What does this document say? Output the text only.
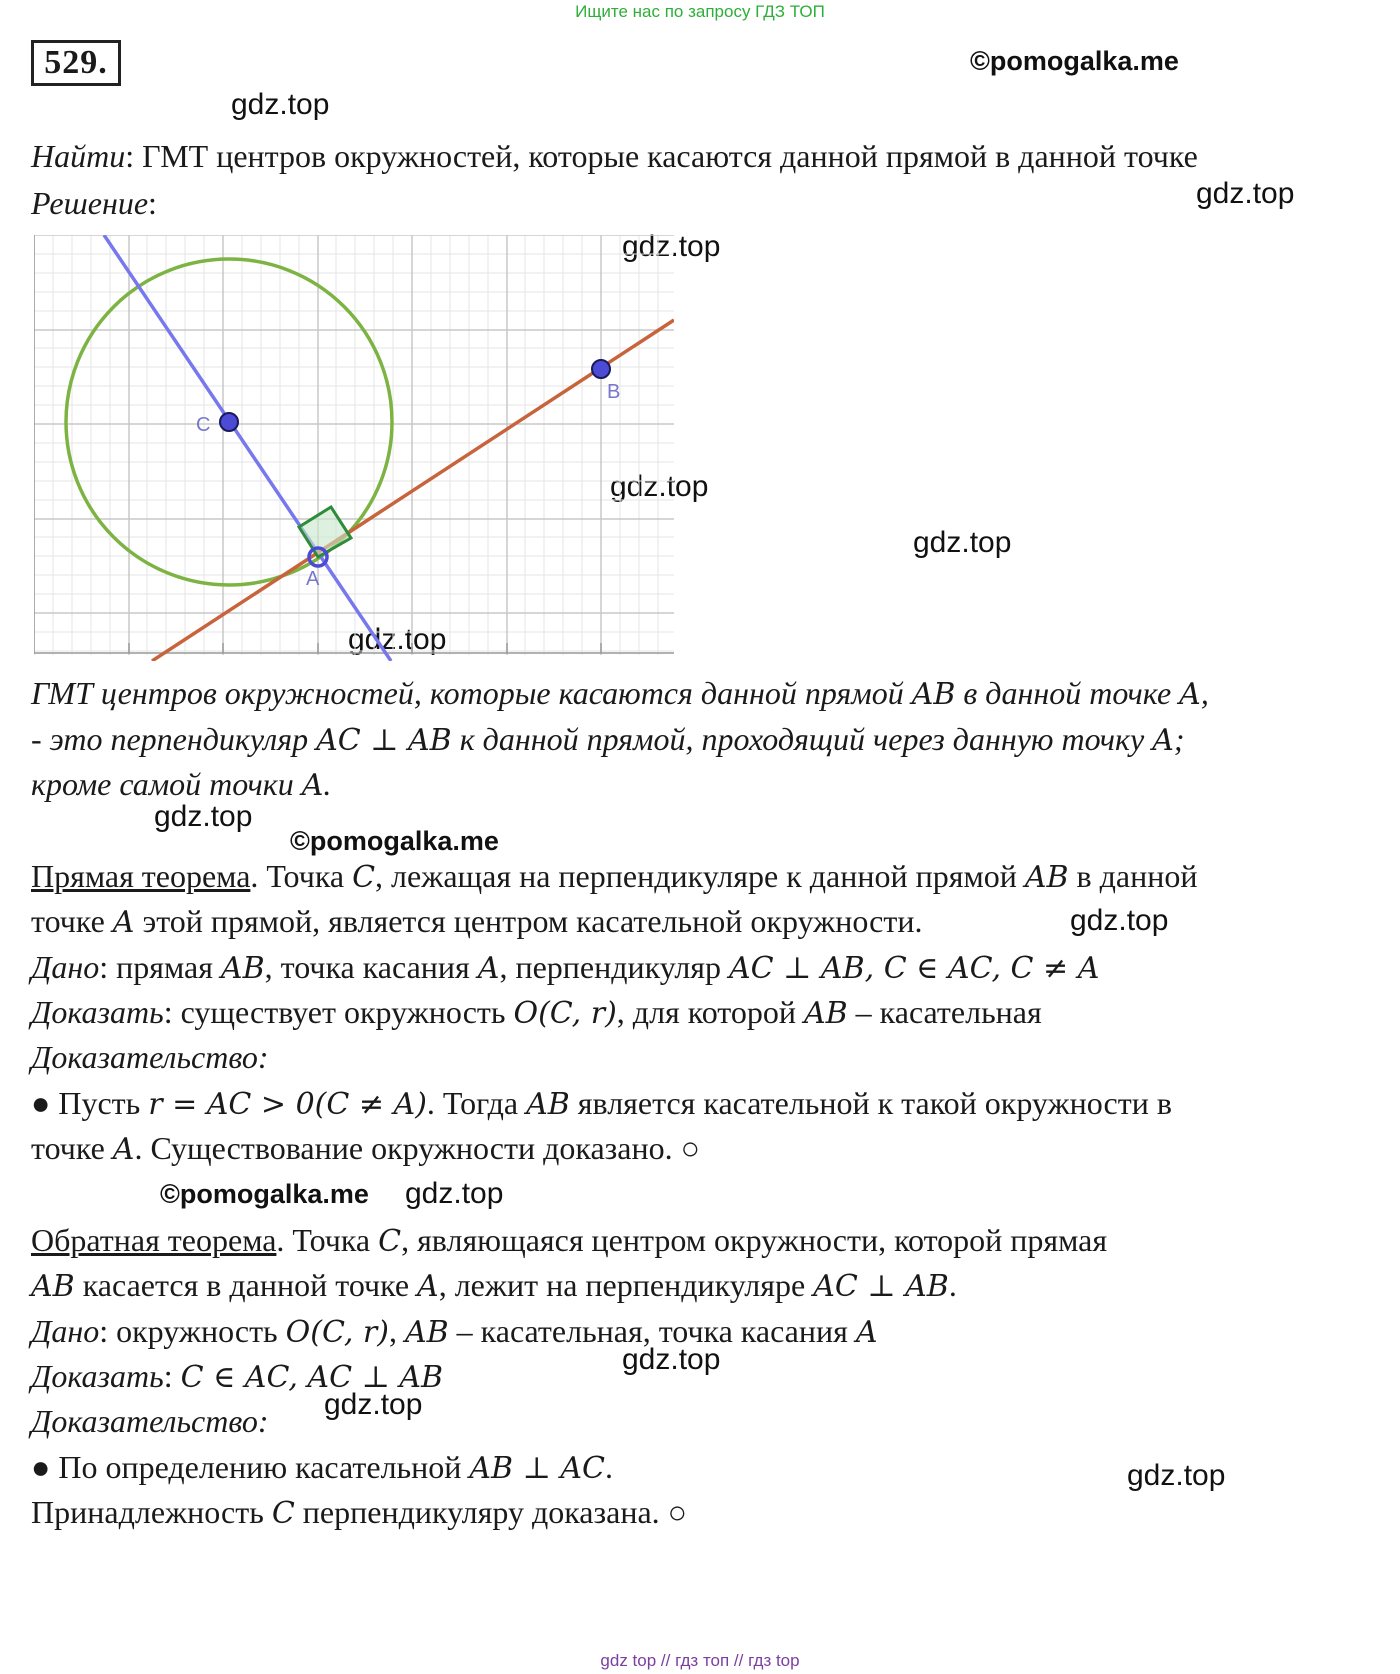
Ищите нас по запросу ГДЗ ТОП
529.	©pomogalka.me
gdz.top
gdz.top
gdz.top
gdz.top
gdz.top
gdz.top
gdz.top
©pomogalka.me
gdz.top
©pomogalka.me gdz.top
gdz.top
gdz.top
gdz.top
Найти: ГМТ центров окружностей, которые касаются данной прямой в данной точке
Решение:
C
B
A
ГМТ центров окружностей, которые касаются данной прямой AB в данной точке A,
- это перпендикуляр AC ⊥ AB к данной прямой, проходящий через данную точку A;
кроме самой точки A.
Прямая теорема. Точка C, лежащая на перпендикуляре к данной прямой AB в данной
точке A этой прямой, является центром касательной окружности.
Дано: прямая AB, точка касания A, перпендикуляр AC ⊥ AB, C ∈ AC, C ≠ A
Доказать: существует окружность O(C, r), для которой AB – касательная
Доказательство:
● Пусть r = AC > 0(C ≠ A). Тогда AB является касательной к такой окружности в
точке A. Существование окружности доказано. ○
Обратная теорема. Точка C, являющаяся центром окружности, которой прямая
AB касается в данной точке A, лежит на перпендикуляре AC ⊥ AB.
Дано: окружность O(C, r), AB – касательная, точка касания A
Доказать: C ∈ AC, AC ⊥ AB
Доказательство:
● По определению касательной AB ⊥ AC.
Принадлежность C перпендикуляру доказана. ○
gdz top // гдз топ // гдз top
